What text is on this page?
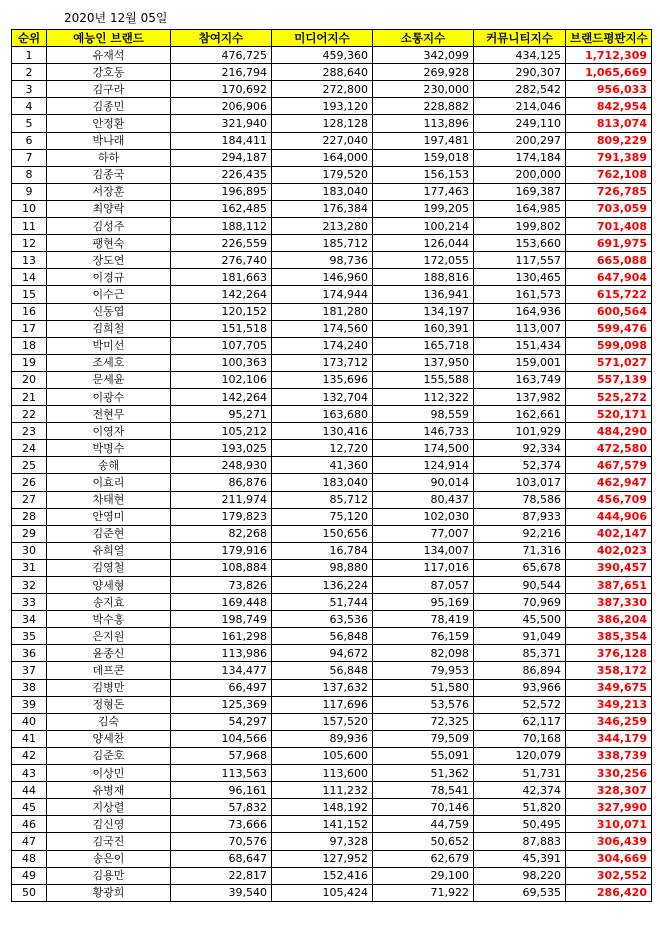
2020년 12월 05일
순위	예능인 브랜드	참여지수	미디어지수	소통지수	커뮤니티지수	브랜드평판지수
1	유재석	476,725	459,360	342,099	434,125	1,712,309
2	강호동	216,794	288,640	269,928	290,307	1,065,669
3	김구라	170,692	272,800	230,000	282,542	956,033
4	김종민	206,906	193,120	228,882	214,046	842,954
5	안정환	321,940	128,128	113,896	249,110	813,074
6	박나래	184,411	227,040	197,481	200,297	809,229
7	하하	294,187	164,000	159,018	174,184	791,389
8	김종국	226,435	179,520	156,153	200,000	762,108
9	서장훈	196,895	183,040	177,463	169,387	726,785
10	최양락	162,485	176,384	199,205	164,985	703,059
11	김성주	188,112	213,280	100,214	199,802	701,408
12	팽현숙	226,559	185,712	126,044	153,660	691,975
13	장도연	276,740	98,736	172,055	117,557	665,088
14	이경규	181,663	146,960	188,816	130,465	647,904
15	이수근	142,264	174,944	136,941	161,573	615,722
16	신동엽	120,152	181,280	134,197	164,936	600,564
17	김희철	151,518	174,560	160,391	113,007	599,476
18	박미선	107,705	174,240	165,718	151,434	599,098
19	조세호	100,363	173,712	137,950	159,001	571,027
20	문세윤	102,106	135,696	155,588	163,749	557,139
21	이광수	142,264	132,704	112,322	137,982	525,272
22	전현무	95,271	163,680	98,559	162,661	520,171
23	이영자	105,212	130,416	146,733	101,929	484,290
24	박명수	193,025	12,720	174,500	92,334	472,580
25	송해	248,930	41,360	124,914	52,374	467,579
26	이효리	86,876	183,040	90,014	103,017	462,947
27	차태현	211,974	85,712	80,437	78,586	456,709
28	안영미	179,823	75,120	102,030	87,933	444,906
29	김준현	82,268	150,656	77,007	92,216	402,147
30	유희열	179,916	16,784	134,007	71,316	402,023
31	김영철	108,884	98,880	117,016	65,678	390,457
32	양세형	73,826	136,224	87,057	90,544	387,651
33	송지효	169,448	51,744	95,169	70,969	387,330
34	박수홍	198,749	63,536	78,419	45,500	386,204
35	은지원	161,298	56,848	76,159	91,049	385,354
36	윤종신	113,986	94,672	82,098	85,371	376,128
37	데프콘	134,477	56,848	79,953	86,894	358,172
38	김병만	66,497	137,632	51,580	93,966	349,675
39	정형돈	125,369	117,696	53,576	52,572	349,213
40	김숙	54,297	157,520	72,325	62,117	346,259
41	양세찬	104,566	89,936	79,509	70,168	344,179
42	김준호	57,968	105,600	55,091	120,079	338,739
43	이상민	113,563	113,600	51,362	51,731	330,256
44	유병재	96,161	111,232	78,541	42,374	328,307
45	지상렬	57,832	148,192	70,146	51,820	327,990
46	김신영	73,666	141,152	44,759	50,495	310,071
47	김국진	70,576	97,328	50,652	87,883	306,439
48	송은이	68,647	127,952	62,679	45,391	304,669
49	김용만	22,817	152,416	29,100	98,220	302,552
50	황광희	39,540	105,424	71,922	69,535	286,420
